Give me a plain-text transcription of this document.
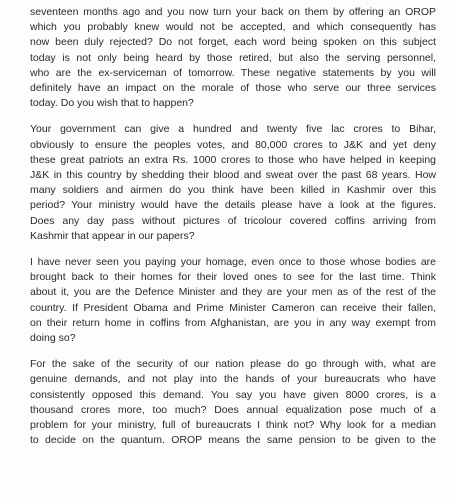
seventeen months ago and you now turn your back on them by offering an OROP
which you probably knew would not be accepted, and which consequently has
now been duly rejected? Do not forget, each word being spoken on this subject
today is not only being heard by those retired, but also the serving personnel,
who are the ex-serviceman of tomorrow. These negative statements by you will
definitely have an impact on the morale of those who serve our three services
today. Do you wish that to happen?

Your government can give a hundred and twenty five lac crores to Bihar,
obviously to ensure the peoples votes, and 80,000 crores to J&K and yet deny
these great patriots an extra Rs. 1000 crores to those who have helped in keeping
J&K in this country by shedding their blood and sweat over the past 68 years. How
many soldiers and airmen do you think have been killed in Kashmir over this
period? Your ministry would have the details please have a look at the figures.
Does any day pass without pictures of tricolour covered coffins arriving from
Kashmir that appear in our papers?

I have never seen you paying your homage, even once to those whose bodies are
brought back to their homes for their loved ones to see for the last time. Think
about it, you are the Defence Minister and they are your men as of the rest of the
country. If President Obama and Prime Minister Cameron can receive their fallen,
on their return home in coffins from Afghanistan, are you in any way exempt from
doing so?

For the sake of the security of our nation please do go through with, what are
genuine demands, and not play into the hands of your bureaucrats who have
consistently opposed this demand. You say you have given 8000 crores, is a
thousand crores more, too much? Does annual equalization pose much of a
problem for your ministry, full of bureaucrats I think not? Why look for a median
to decide on the quantum. OROP means the same pension to be given to the
